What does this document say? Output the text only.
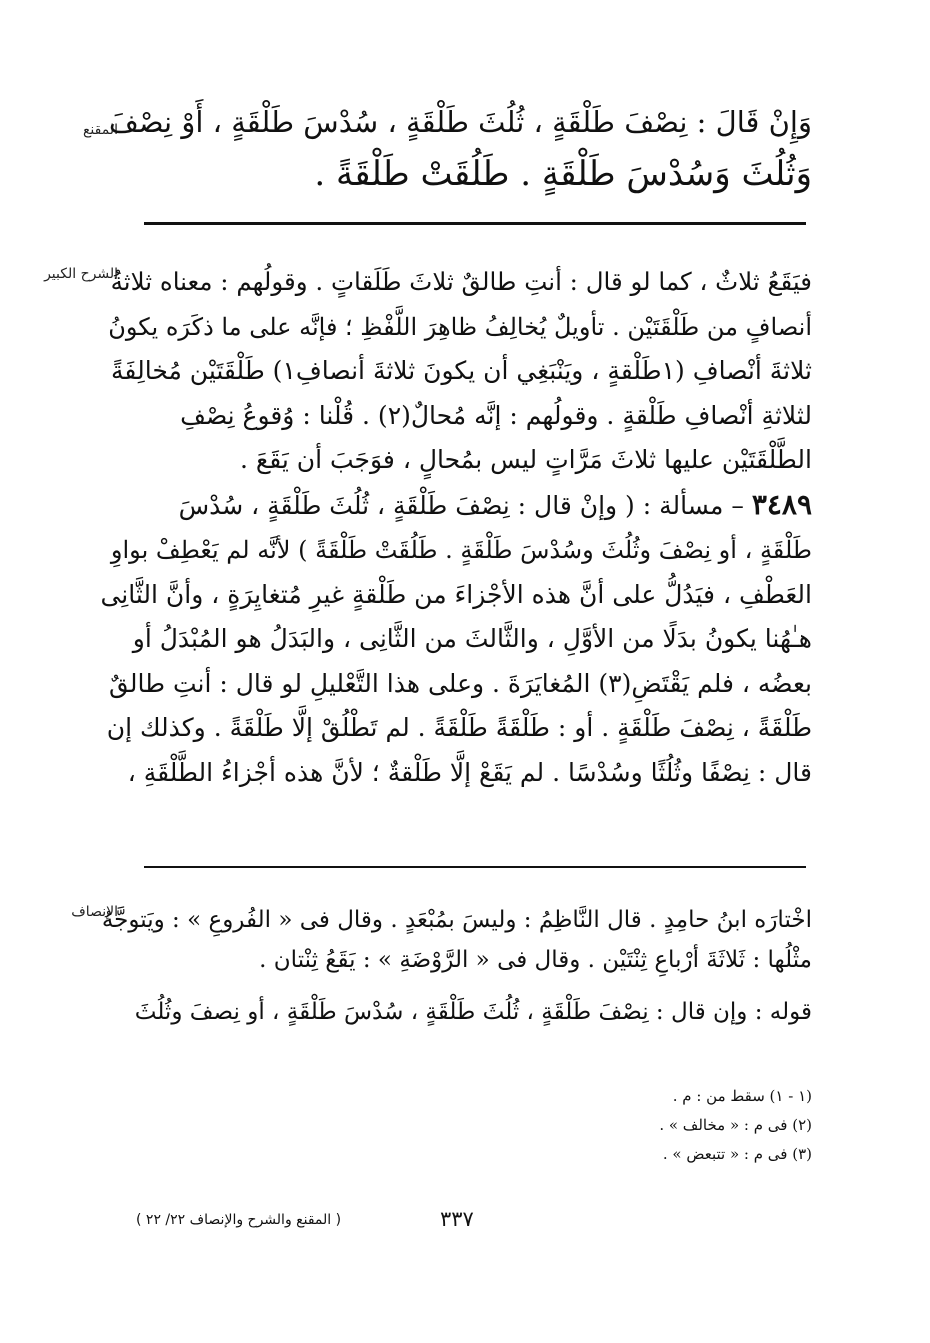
المقنع
وَإِنْ قَالَ : نِصْفَ طَلْقَةٍ ، ثُلُثَ طَلْقَةٍ ، سُدْسَ طَلْقَةٍ ، أَوْ نِصْفَ
وَثُلُثَ وَسُدْسَ طَلْقَةٍ . طَلُقَتْ طَلْقَةً .
الشرح الكبير
فيَقَعُ ثلاثٌ ، كما لو قال : أنتِ طالقٌ ثلاثَ طَلَقاتٍ . وقولُهم : معناه ثلاثةُ
أنصافٍ من طَلْقَتَيْن . تأويلٌ يُخالِفُ ظاهِرَ اللَّفْظِ ؛ فإنَّه على ما ذكَرَه يكونُ
ثلاثةَ أنْصافِ (١طَلْقةٍ ، ويَنْبَغِي أن يكونَ ثلاثةَ أنصافِ١) طَلْقَتَيْن مُخالِفَةً
لثلاثةِ أنْصافِ طَلْقةٍ . وقولُهم : إنَّه مُحالٌ(٢) . قُلْنا : وُقوعُ نِصْفِ
الطَّلْقَتَيْن عليها ثلاثَ مَرَّاتٍ ليس بمُحالٍ ، فوَجَبَ أن يَقَعَ .
٣٤٨٩ – مسألة : ( وإنْ قال : نِصْفَ طَلْقَةٍ ، ثُلُثَ طَلْقَةٍ ، سُدْسَ
طَلْقَةٍ ، أو نِصْفَ وثُلُثَ وسُدْسَ طَلْقَةٍ . طَلُقَتْ طَلْقَةً ) لأنَّه لم يَعْطِفْ بواوِ
العَطْفِ ، فيَدُلُّ على أنَّ هذه الأجْزاءَ من طَلْقةٍ غيرِ مُتغايِرَةٍ ، وأنَّ الثَّانِى
هـٰهُنا يكونُ بدَلًا من الأوَّلِ ، والثَّالثَ من الثَّانِى ، والبَدَلُ هو المُبْدَلُ أو
بعضُه ، فلم يَقْتَضِ(٣) المُغايَرَةَ . وعلى هذا التَّعْليلِ لو قال : أنتِ طالقٌ
طَلْقَةً ، نِصْفَ طَلْقَةٍ . أو : طَلْقَةً طَلْقَةً . لم تَطْلُقْ إلَّا طَلْقَةً . وكذلك إن
قال : نِصْفًا وثُلُثًا وسُدْسًا . لم يَقَعْ إلَّا طَلْقةٌ ؛ لأنَّ هذه أجْزاءُ الطَّلْقَةِ ،
الإنصاف
اخْتارَه ابنُ حامِدٍ . قال النَّاظِمُ : وليسَ بمُبْعَدٍ . وقال فى « الفُروعِ » : ويَتوجَّهُ
مثْلُها : ثَلاثَةَ أرْباعِ ثِنْتَيْن . وقال فى « الرَّوْضَةِ » : يَقَعُ ثِنْتان .
قوله : وإن قال : نِصْفَ طَلْقَةٍ ، ثُلُثَ طَلْقَةٍ ، سُدْسَ طَلْقَةٍ ، أو نِصفَ وثُلُثَ
(١ - ١) سقط من : م .
(٢) فى م : « مخالف » .
(٣) فى م : « تتبعض » .
٣٣٧
( المقنع والشرح والإنصاف ٢٢/ ٢٢ )
